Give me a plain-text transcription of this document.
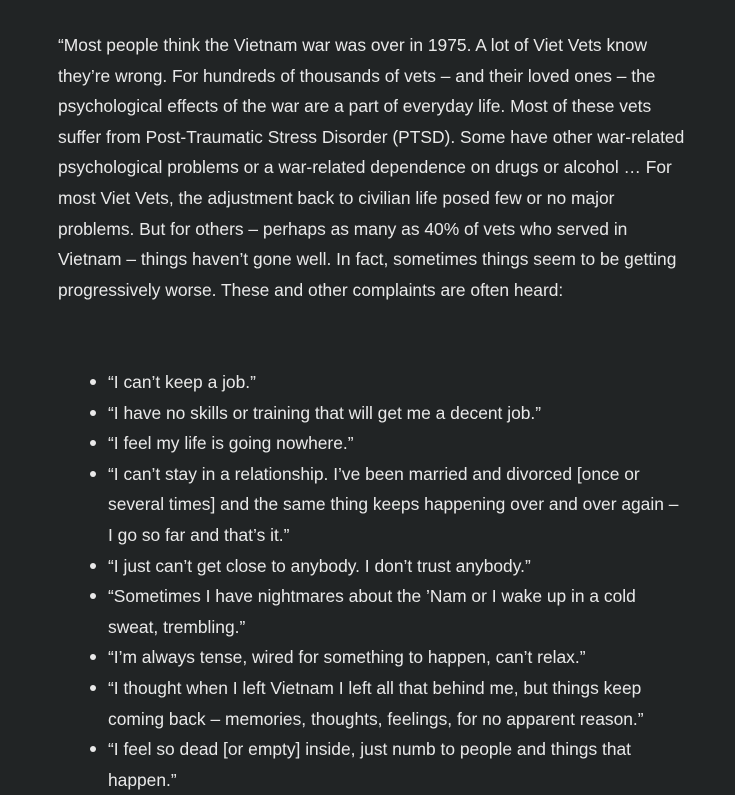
“Most people think the Vietnam war was over in 1975. A lot of Viet Vets know they’re wrong. For hundreds of thousands of vets – and their loved ones – the psychological effects of the war are a part of everyday life. Most of these vets suffer from Post-Traumatic Stress Disorder (PTSD). Some have other war-related psychological problems or a war-related dependence on drugs or alcohol … For most Viet Vets, the adjustment back to civilian life posed few or no major problems. But for others – perhaps as many as 40% of vets who served in Vietnam – things haven’t gone well. In fact, sometimes things seem to be getting progressively worse. These and other complaints are often heard:

“I can’t keep a job.”
“I have no skills or training that will get me a decent job.”
“I feel my life is going nowhere.”
“I can’t stay in a relationship. I’ve been married and divorced [once or several times] and the same thing keeps happening over and over again – I go so far and that’s it.”
“I just can’t get close to anybody. I don’t trust anybody.”
“Sometimes I have nightmares about the ’Nam or I wake up in a cold sweat, trembling.”
“I’m always tense, wired for something to happen, can’t relax.”
“I thought when I left Vietnam I left all that behind me, but things keep coming back – memories, thoughts, feelings, for no apparent reason.”
“I feel so dead [or empty] inside, just numb to people and things that happen.”
